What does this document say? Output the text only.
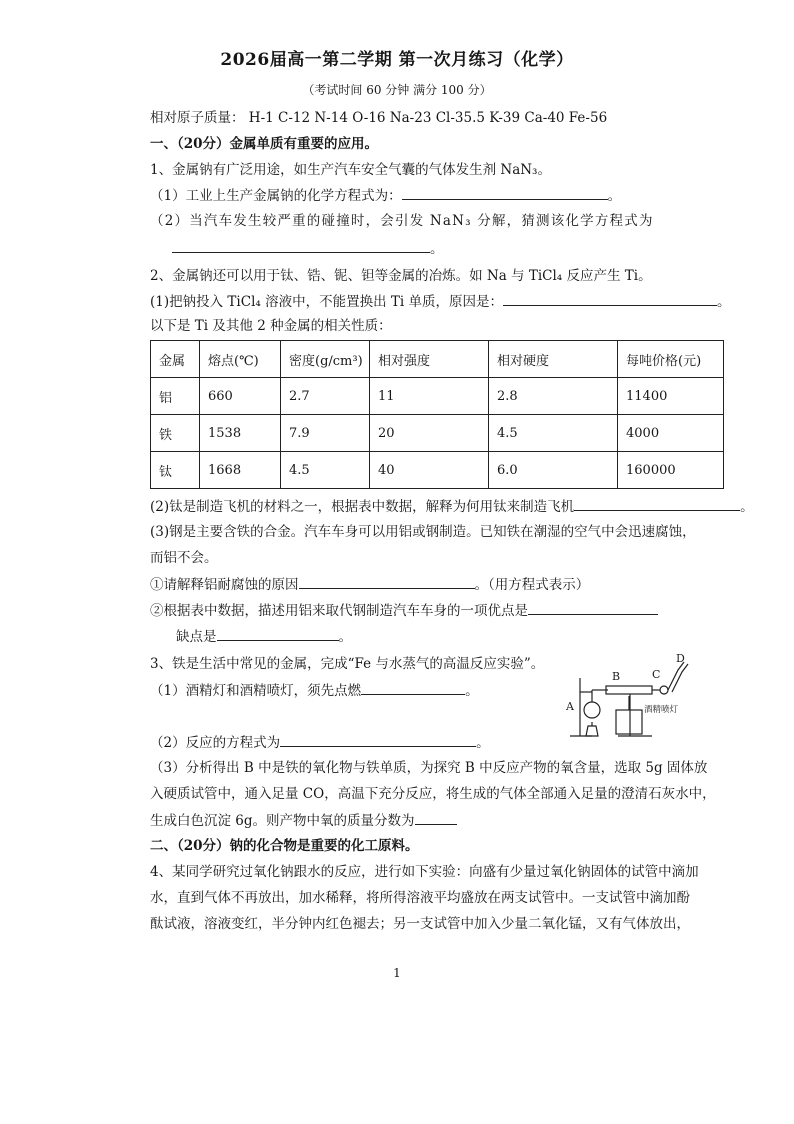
2026届高一第二学期 第一次月练习（化学）
（考试时间 60 分钟 满分 100 分）
相对原子质量： H-1 C-12 N-14 O-16 Na-23 Cl-35.5 K-39 Ca-40 Fe-56
一、（20分）金属单质有重要的应用。
1、金属钠有广泛用途，如生产汽车安全气囊的气体发生剂 NaN₃。
（1）工业上生产金属钠的化学方程式为：	。
（2）当汽车发生较严重的碰撞时，会引发 NaN₃ 分解，猜测该化学方程式为
。
2、金属钠还可以用于钛、锆、铌、钽等金属的冶炼。如 Na 与 TiCl₄ 反应产生 Ti。
(1)把钠投入 TiCl₄ 溶液中，不能置换出 Ti 单质，原因是：	。
以下是 Ti 及其他 2 种金属的相关性质：
金属	熔点(℃)	密度(g/cm³)	相对强度	相对硬度	每吨价格(元)
铝	660	2.7	11	2.8	11400
铁	1538	7.9	20	4.5	4000
钛	1668	4.5	40	6.0	160000
(2)钛是制造飞机的材料之一，根据表中数据，解释为何用钛来制造飞机	。
(3)钢是主要含铁的合金。汽车车身可以用铝或钢制造。已知铁在潮湿的空气中会迅速腐蚀，
而铝不会。
①请解释铝耐腐蚀的原因	。（用方程式表示）
②根据表中数据，描述用铝来取代钢制造汽车车身的一项优点是
缺点是	。
3、铁是生活中常见的金属，完成“Fe 与水蒸气的高温反应实验”。
（1）酒精灯和酒精喷灯，须先点燃	。
A
B	C
D
酒精喷灯
（2）反应的方程式为	。
（3）分析得出 B 中是铁的氧化物与铁单质，为探究 B 中反应产物的氧含量，选取 5g 固体放
入硬质试管中，通入足量 CO，高温下充分反应，将生成的气体全部通入足量的澄清石灰水中，
生成白色沉淀 6g。则产物中氧的质量分数为
二、（20分）钠的化合物是重要的化工原料。
4、某同学研究过氧化钠跟水的反应，进行如下实验：向盛有少量过氧化钠固体的试管中滴加
水，直到气体不再放出，加水稀释，将所得溶液平均盛放在两支试管中。一支试管中滴加酚
酞试液，溶液变红，半分钟内红色褪去；另一支试管中加入少量二氧化锰，又有气体放出，
1
